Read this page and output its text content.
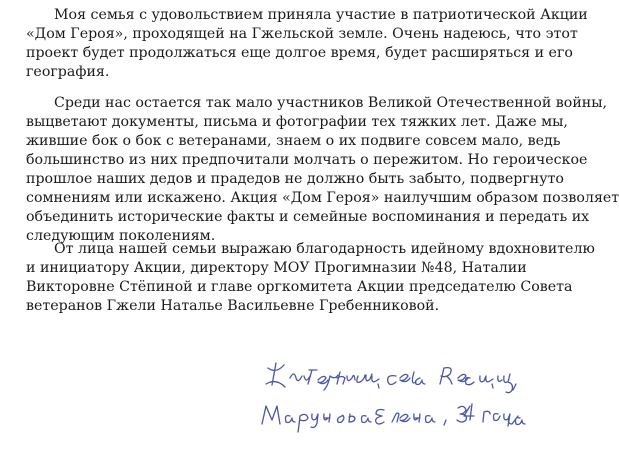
Моя семья с удовольствием приняла участие в патриотической Акции
«Дом Героя», проходящей на Гжельской земле. Очень надеюсь, что этот
проект будет продолжаться еще долгое время, будет расширяться и его
география.
Среди нас остается так мало участников Великой Отечественной войны,
выцветают документы, письма и фотографии тех тяжких лет. Даже мы,
жившие бок о бок с ветеранами, знаем о их подвиге совсем мало, ведь
большинство из них предпочитали молчать о пережитом. Но героическое
прошлое наших дедов и прадедов не должно быть забыто, подвергнуто
сомнениям или искажено. Акция «Дом Героя» наилучшим образом позволяет
объединить исторические факты и семейные воспоминания и передать их
следующим поколениям.
От лица нашей семьи выражаю благодарность идейному вдохновителю
и инициатору Акции, директору МОУ Прогимназии №48, Наталии
Викторовне Стёпиной и главе оргкомитета Акции председателю Совета
ветеранов Гжели Наталье Васильевне Гребенниковой.
